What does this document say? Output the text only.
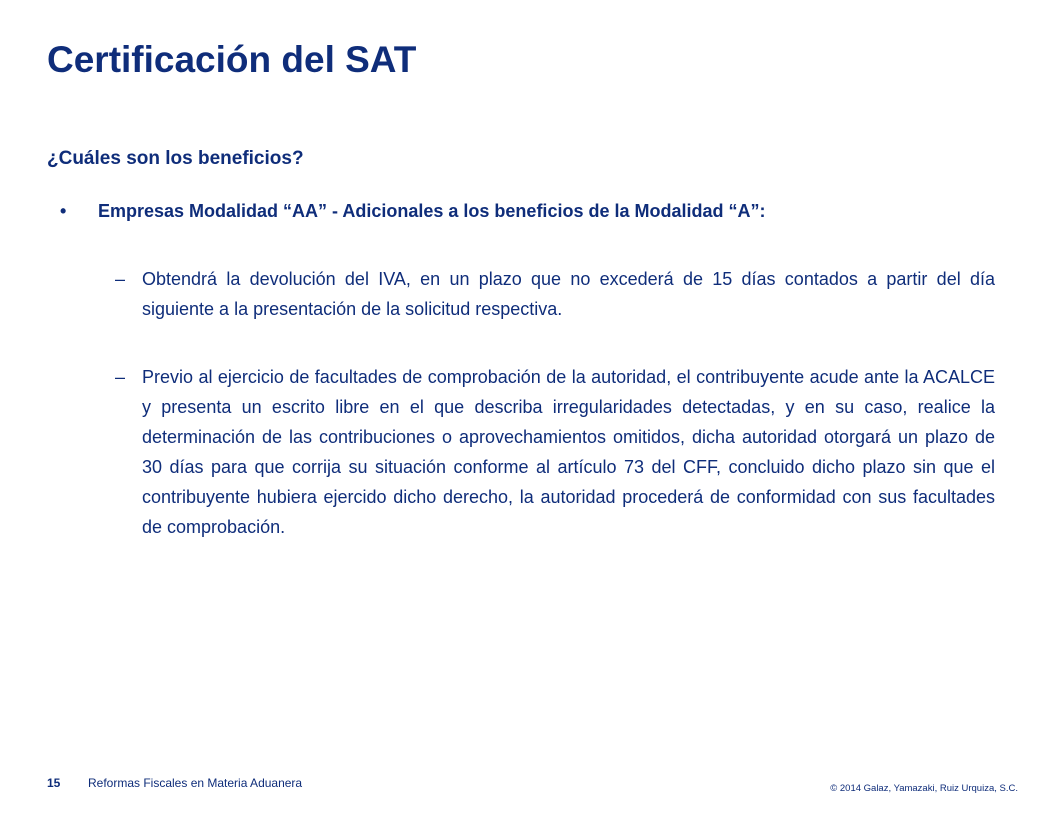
Certificación del SAT
¿Cuáles son los beneficios?
• Empresas Modalidad “AA” - Adicionales a los beneficios de la Modalidad “A”:
– Obtendrá la devolución del IVA, en un plazo que no excederá de 15 días contados a partir del día siguiente a la presentación de la solicitud respectiva.
– Previo al ejercicio de facultades de comprobación de la autoridad, el contribuyente acude ante la ACALCE y presenta un escrito libre en el que describa irregularidades detectadas, y en su caso, realice la determinación de las contribuciones o aprovechamientos omitidos, dicha autoridad otorgará un plazo de 30 días para que corrija su situación conforme al artículo 73 del CFF, concluido dicho plazo sin que el contribuyente hubiera ejercido dicho derecho, la autoridad procederá de conformidad con sus facultades de comprobación.
15 Reformas Fiscales en Materia Aduanera	© 2014 Galaz, Yamazaki, Ruiz Urquiza, S.C.
